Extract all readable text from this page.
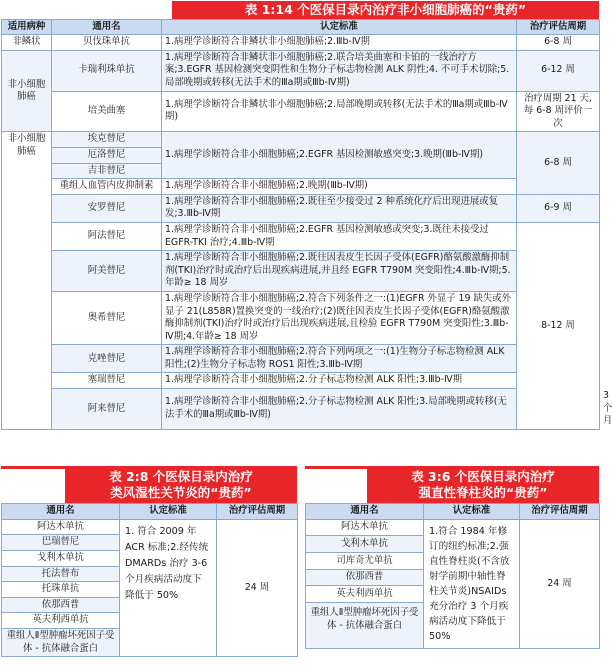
表 1:14 个医保目录内治疗非小细胞肺癌的“贵药”
适用病种	通用名	认定标准	治疗评估周期	
非鳞状	贝伐珠单抗	1.病理学诊断符合非鳞状非小细胞肺癌;2.Ⅲb-Ⅳ期	6-8 周	
非小细胞肺癌	卡瑞利珠单抗	1.病理学诊断符合非鳞状非小细胞肺癌;2.联合培美曲塞和卡铂的一线治疗方案;3.EGFR 基因检测突变阴性和生物分子标志物检测 ALK 阴性;4. 不可手术切除;5.局部晚期或转移(无法手术的Ⅲa期或Ⅲb-Ⅳ期)	6-12 周	
	培美曲塞	1.病理学诊断符合非鳞状非小细胞肺癌;2.局部晚期或转移(无法手术的Ⅲa期或Ⅲb-Ⅳ期)	治疗周期 21 天,每 6-8 周评价一次	
非小细胞肺癌	埃克替尼	1.病理学诊断符合非小细胞肺癌;2.EGFR 基因检测敏感突变;3.晚期(Ⅲb-Ⅳ期)	6-8 周	
	厄洛替尼			
	吉非替尼			
	重组人血管内皮抑制素	1.病理学诊断符合非小细胞肺癌;2.晚期(Ⅲb-Ⅳ期)		
	安罗替尼	1.病理学诊断符合非小细胞肺癌;2.既往至少接受过 2 种系统化疗后出现进展或复发;3.Ⅲb-Ⅳ期	6-9 周	
	阿法替尼	1.病理学诊断符合非小细胞肺癌;2.EGFR 基因检测敏感或突变;3.既往未接受过 EGFR-TKI 治疗;4.Ⅲb-Ⅳ期	8-12 周	
	阿美替尼	1.病理学诊断符合非小细胞肺癌;2.既往因表皮生长因子受体(EGFR)酪氨酸激酶抑制剂(TKI)治疗时或治疗后出现疾病进展,并且经 EGFR T790M 突变阳性;4.Ⅲb-Ⅳ期;5.年龄≥ 18 周岁		
	奥希替尼	1.病理学诊断符合非小细胞肺癌;2.符合下列条件之一:(1)EGFR 外显子 19 缺失或外显子 21(L858R)置换突变的一线治疗;(2)既往因表皮生长因子受体(EGFR)酪氨酸激酶抑制剂(TKI)治疗时或治疗后出现疾病进展,且检验 EGFR T790M 突变阳性;3.Ⅲb-Ⅳ期;4.年龄≥ 18 周岁		
	克唑替尼	1.病理学诊断符合非小细胞肺癌;2.符合下列两项之一:(1)生物分子标志物检测 ALK 阳性;(2)生物分子标志物 ROS1 阳性;3.Ⅲb-Ⅳ期		
	塞瑞替尼	1.病理学诊断符合非小细胞肺癌;2.分子标志物检测 ALK 阳性;3.Ⅲb-Ⅳ期		
	阿来替尼	1.病理学诊断符合非小细胞肺癌;2.分子标志物检测 ALK 阳性;3.局部晚期或转移(无法手术的Ⅲa期或Ⅲb-Ⅳ期)		3 个月
表 2:8 个医保目录内治疗
类风湿性关节炎的“贵药”
通用名	认定标准	治疗评估周期
阿达木单抗	1. 符合 2009 年 ACR 标准;2.经传统 DMARDs 治疗 3-6 个月疾病活动度下降低于 50%	24 周
巴瑞替尼		
戈利木单抗		
托法替布		
托珠单抗		
依那西普		
英夫利西单抗		
重组人Ⅱ型肿瘤坏死因子受体 - 抗体融合蛋白		
表 3:6 个医保目录内治疗
强直性脊柱炎的“贵药”
通用名	认定标准	治疗评估周期
阿达木单抗	1.符合 1984 年修订的纽约标准;2.强直性脊柱炎(不含放射学前期中轴性脊柱关节炎)NSAIDs 充分治疗 3 个月疾病活动度下降低于 50%	24 周
戈利木单抗		
司库奇尤单抗		
依那西普		
英夫利西单抗		
重组人Ⅱ型肿瘤坏死因子受体 - 抗体融合蛋白		
